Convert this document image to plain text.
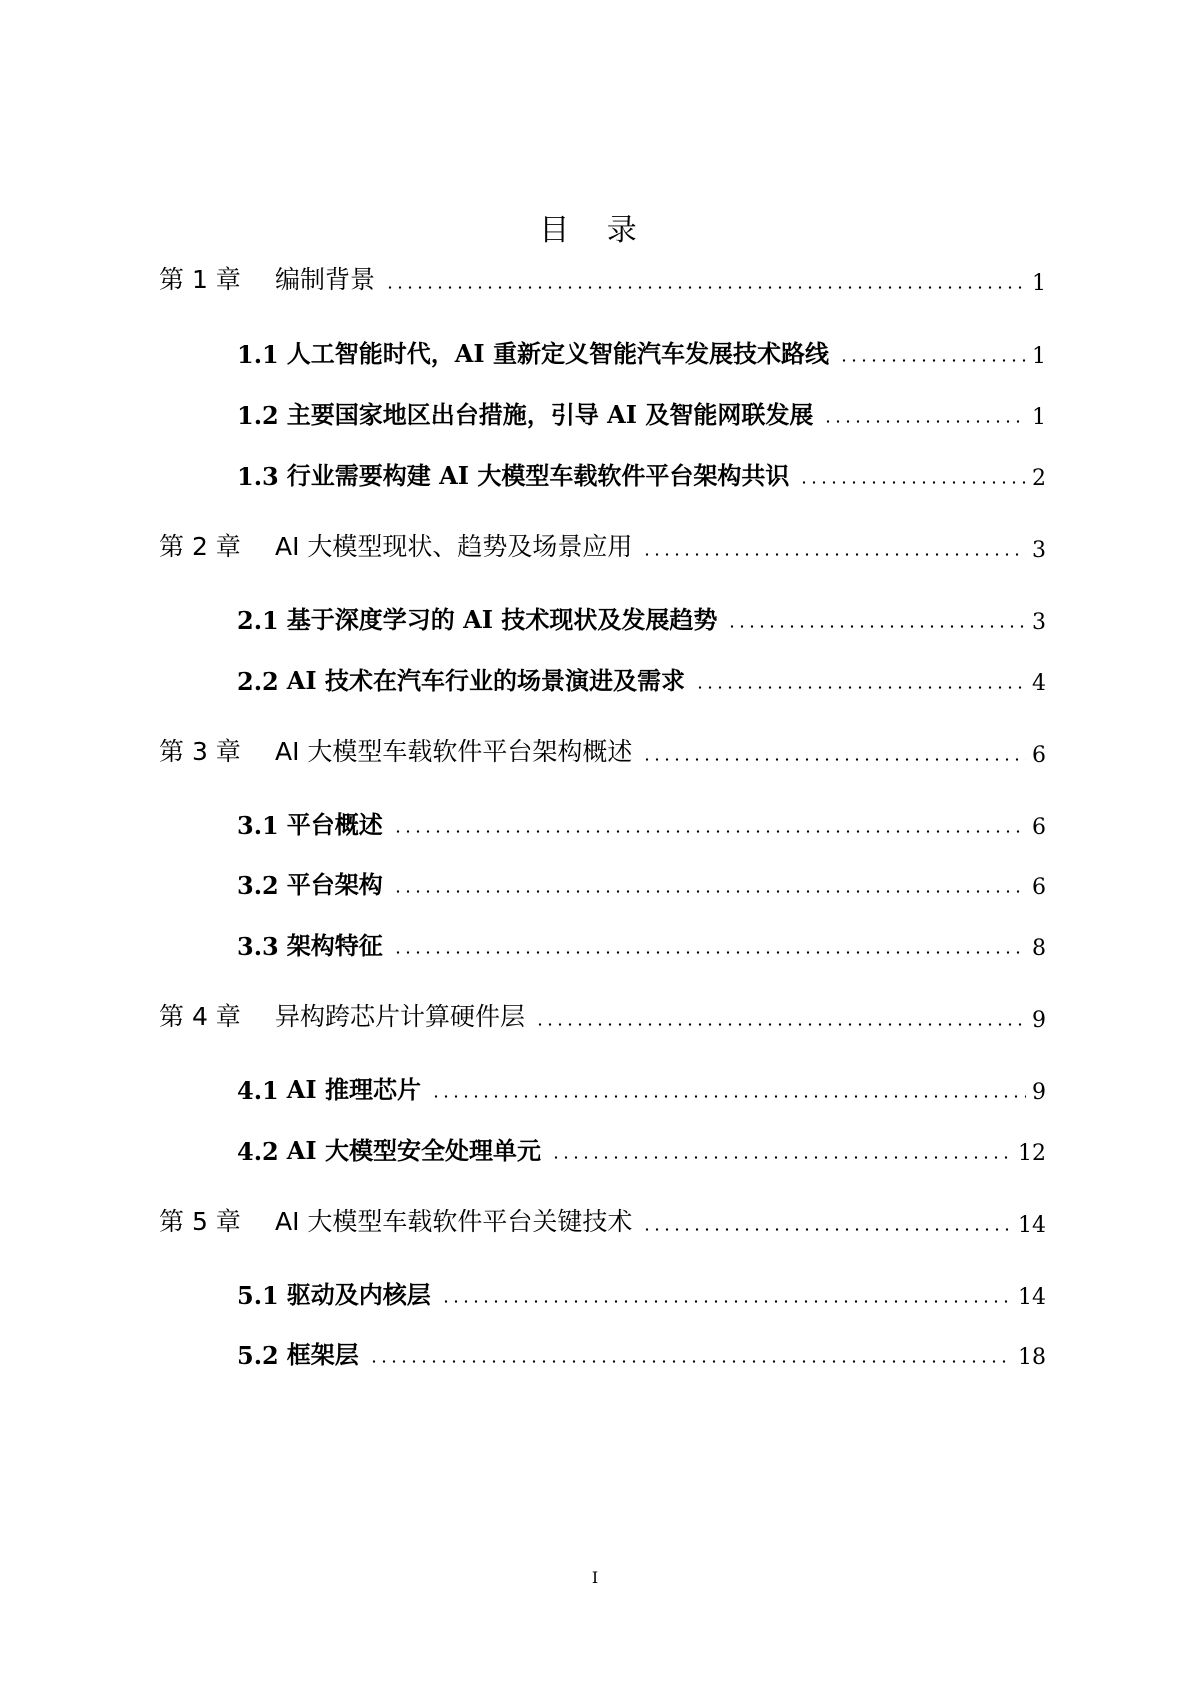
目 录
第 1 章	编制背景	1
1.1 人工智能时代，AI 重新定义智能汽车发展技术路线	1
1.2 主要国家地区出台措施，引导 AI 及智能网联发展	1
1.3 行业需要构建 AI 大模型车载软件平台架构共识	2
第 2 章	AI 大模型现状、趋势及场景应用	3
2.1 基于深度学习的 AI 技术现状及发展趋势	3
2.2 AI 技术在汽车行业的场景演进及需求	4
第 3 章	AI 大模型车载软件平台架构概述	6
3.1 平台概述	6
3.2 平台架构	6
3.3 架构特征	8
第 4 章	异构跨芯片计算硬件层	9
4.1 AI 推理芯片	9
4.2 AI 大模型安全处理单元	12
第 5 章	AI 大模型车载软件平台关键技术	14
5.1 驱动及内核层	14
5.2 框架层	18
I
